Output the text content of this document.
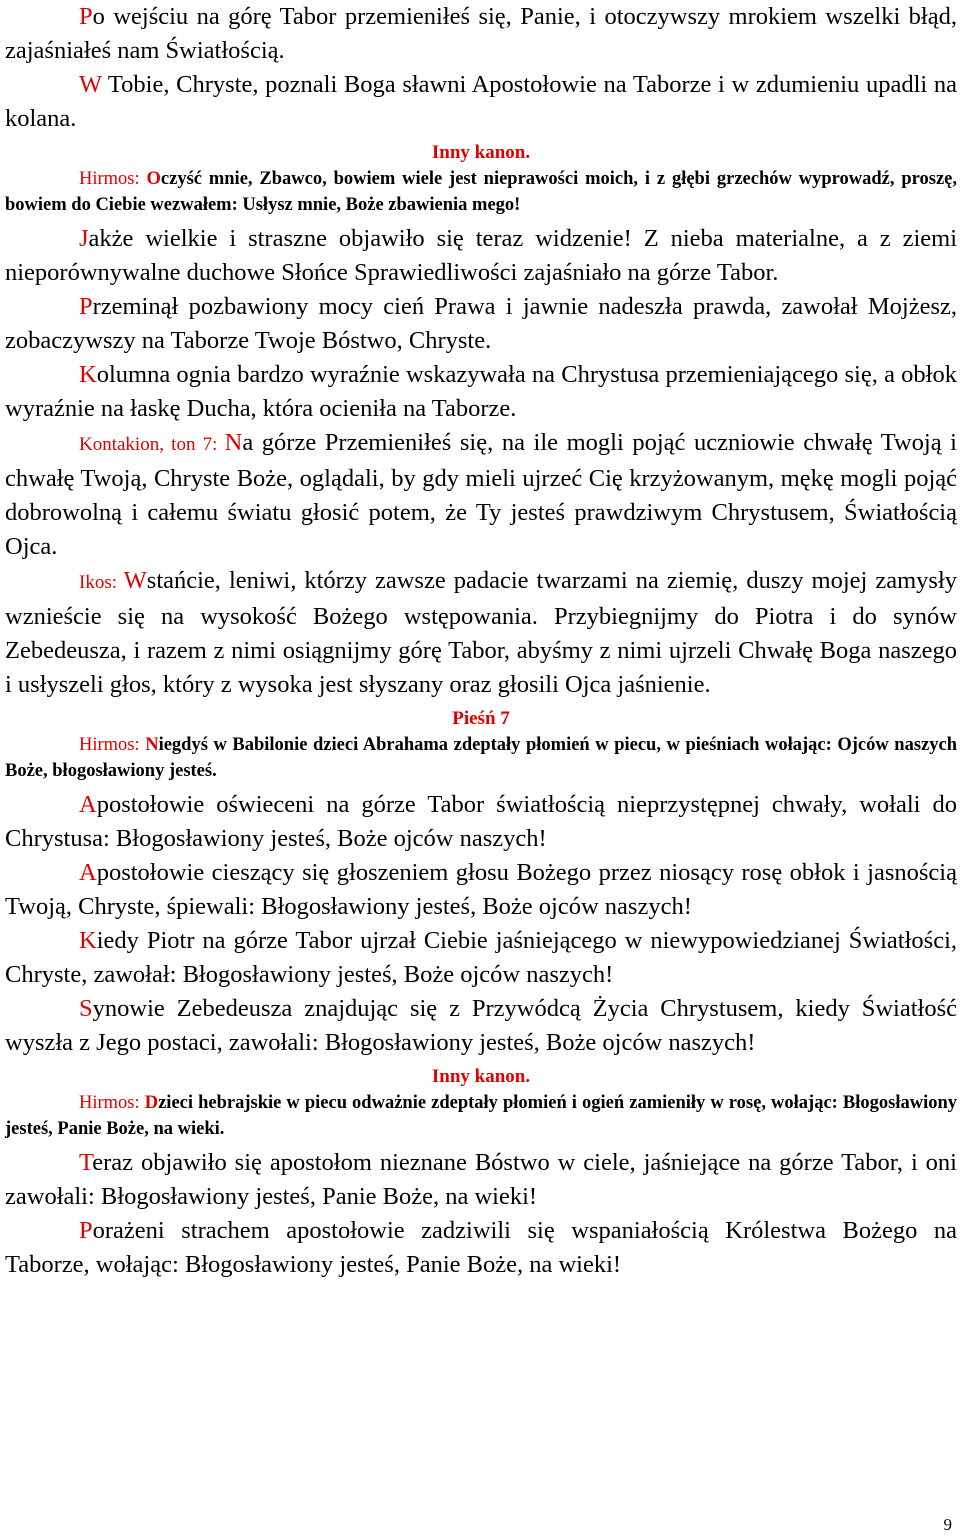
Po wejściu na górę Tabor przemieniłeś się, Panie, i otoczywszy mrokiem wszelki błąd, zajaśniałeś nam Światłością.

W Tobie, Chryste, poznali Boga sławni Apostołowie na Taborze i w zdumieniu upadli na kolana.

Inny kanon.

Hirmos: Oczyść mnie, Zbawco, bowiem wiele jest nieprawości moich, i z głębi grzechów wyprowadź, proszę, bowiem do Ciebie wezwałem: Usłysz mnie, Boże zbawienia mego!

Jakże wielkie i straszne objawiło się teraz widzenie! Z nieba materialne, a z ziemi nieporównywalne duchowe Słońce Sprawiedliwości zajaśniało na górze Tabor.

Przeminął pozbawiony mocy cień Prawa i jawnie nadeszła prawda, zawołał Mojżesz, zobaczywszy na Taborze Twoje Bóstwo, Chryste.

Kolumna ognia bardzo wyraźnie wskazywała na Chrystusa przemieniającego się, a obłok wyraźnie na łaskę Ducha, która ocieniła na Taborze.

Kontakion, ton 7: Na górze Przemieniłeś się, na ile mogli pojąć uczniowie chwałę Twoją i chwałę Twoją, Chryste Boże, oglądali, by gdy mieli ujrzeć Cię krzyżowanym, mękę mogli pojąć dobrowolną i całemu światu głosić potem, że Ty jesteś prawdziwym Chrystusem, Światłością Ojca.

Ikos: Wstańcie, leniwi, którzy zawsze padacie twarzami na ziemię, duszy mojej zamysły wznieście się na wysokość Bożego wstępowania. Przybiegnijmy do Piotra i do synów Zebedeusza, i razem z nimi osiągnijmy górę Tabor, abyśmy z nimi ujrzeli Chwałę Boga naszego i usłyszeli głos, który z wysoka jest słyszany oraz głosili Ojca jaśnienie.

Pieśń 7

Hirmos: Niegdyś w Babilonie dzieci Abrahama zdeptały płomień w piecu, w pieśniach wołając: Ojców naszych Boże, błogosławiony jesteś.

Apostołowie oświeceni na górze Tabor światłością nieprzystępnej chwały, wołali do Chrystusa: Błogosławiony jesteś, Boże ojców naszych!

Apostołowie cieszący się głoszeniem głosu Bożego przez niosący rosę obłok i jasnością Twoją, Chryste, śpiewali: Błogosławiony jesteś, Boże ojców naszych!

Kiedy Piotr na górze Tabor ujrzał Ciebie jaśniejącego w niewypowiedzianej Światłości, Chryste, zawołał: Błogosławiony jesteś, Boże ojców naszych!

Synowie Zebedeusza znajdując się z Przywódcą Życia Chrystusem, kiedy Światłość wyszła z Jego postaci, zawołali: Błogosławiony jesteś, Boże ojców naszych!

Inny kanon.

Hirmos: Dzieci hebrajskie w piecu odważnie zdeptały płomień i ogień zamieniły w rosę, wołając: Błogosławiony jesteś, Panie Boże, na wieki.

Teraz objawiło się apostołom nieznane Bóstwo w ciele, jaśniejące na górze Tabor, i oni zawołali: Błogosławiony jesteś, Panie Boże, na wieki!

Porażeni strachem apostołowie zadziwili się wspaniałością Królestwa Bożego na Taborze, wołając: Błogosławiony jesteś, Panie Boże, na wieki!

9
